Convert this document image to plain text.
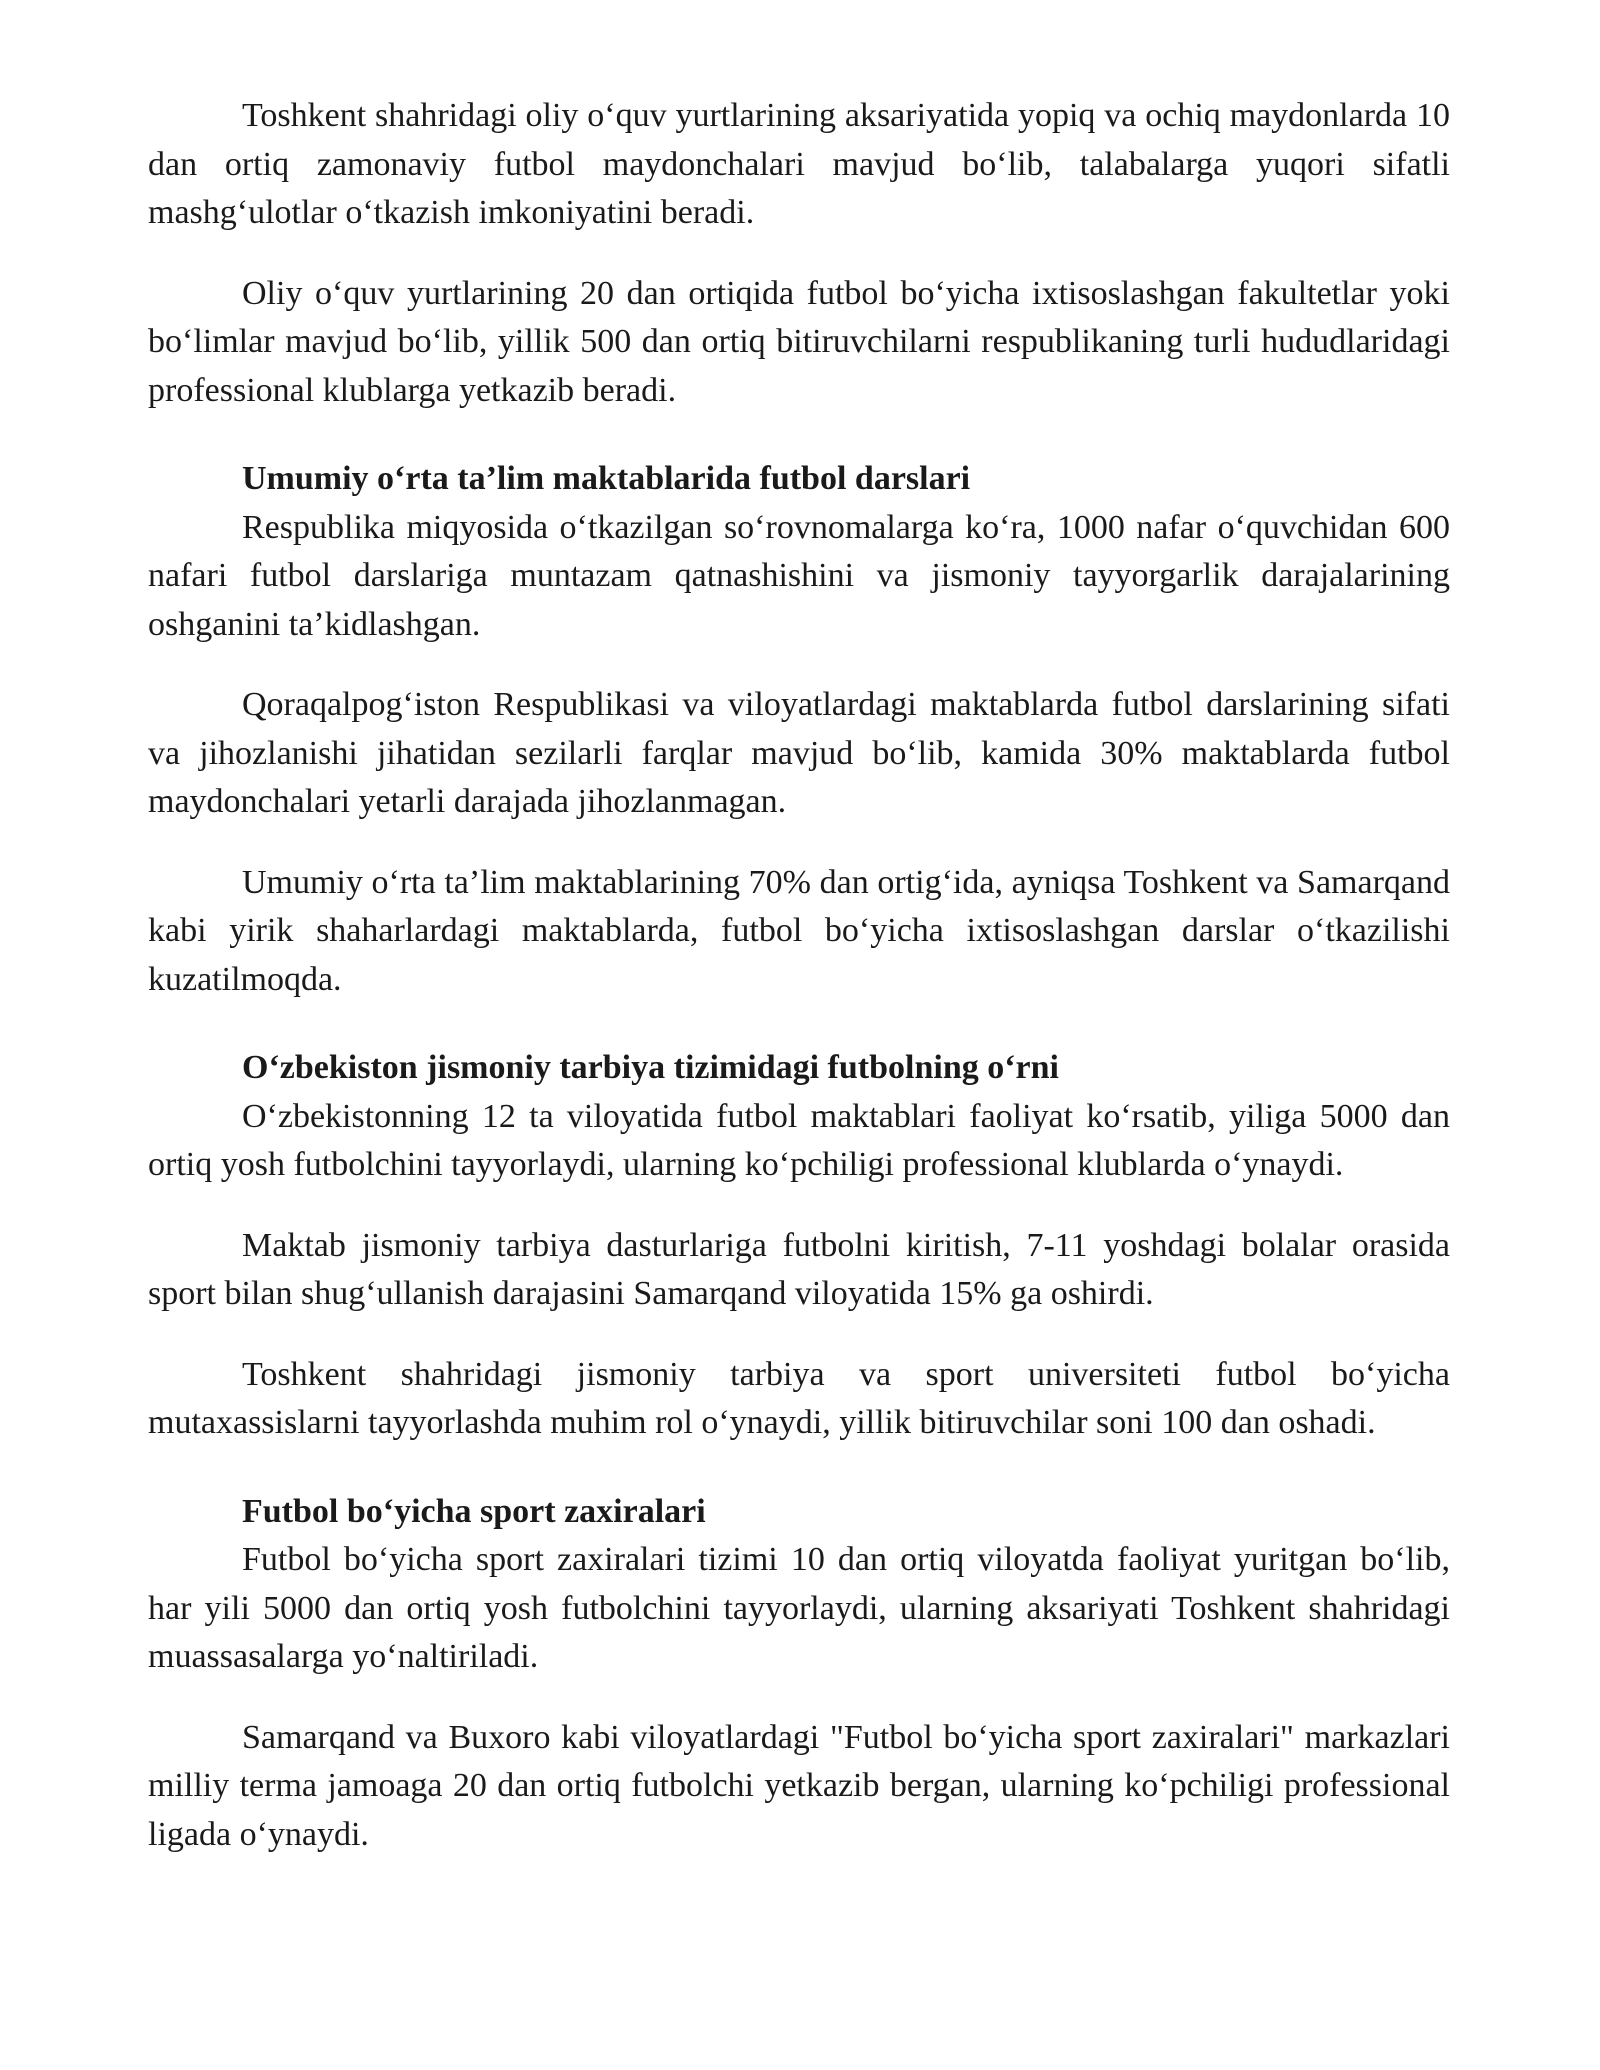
Toshkent shahridagi oliy o‘quv yurtlarining aksariyatida yopiq va ochiq maydonlarda 10 dan ortiq zamonaviy futbol maydonchalari mavjud bo‘lib, talabalarga yuqori sifatli mashg‘ulotlar o‘tkazish imkoniyatini beradi.

Oliy o‘quv yurtlarining 20 dan ortiqida futbol bo‘yicha ixtisoslashgan fakultetlar yoki bo‘limlar mavjud bo‘lib, yillik 500 dan ortiq bitiruvchilarni respublikaning turli hududlaridagi professional klublarga yetkazib beradi.

Umumiy o‘rta ta’lim maktablarida futbol darslari

Respublika miqyosida o‘tkazilgan so‘rovnomalarga ko‘ra, 1000 nafar o‘quvchidan 600 nafari futbol darslariga muntazam qatnashishini va jismoniy tayyorgarlik darajalarining oshganini ta’kidlashgan.

Qoraqalpog‘iston Respublikasi va viloyatlardagi maktablarda futbol darslarining sifati va jihozlanishi jihatidan sezilarli farqlar mavjud bo‘lib, kamida 30% maktablarda futbol maydonchalari yetarli darajada jihozlanmagan.

Umumiy o‘rta ta’lim maktablarining 70% dan ortig‘ida, ayniqsa Toshkent va Samarqand kabi yirik shaharlardagi maktablarda, futbol bo‘yicha ixtisoslashgan darslar o‘tkazilishi kuzatilmoqda.

O‘zbekiston jismoniy tarbiya tizimidagi futbolning o‘rni

O‘zbekistonning 12 ta viloyatida futbol maktablari faoliyat ko‘rsatib, yiliga 5000 dan ortiq yosh futbolchini tayyorlaydi, ularning ko‘pchiligi professional klublarda o‘ynaydi.

Maktab jismoniy tarbiya dasturlariga futbolni kiritish, 7-11 yoshdagi bolalar orasida sport bilan shug‘ullanish darajasini Samarqand viloyatida 15% ga oshirdi.

Toshkent shahridagi jismoniy tarbiya va sport universiteti futbol bo‘yicha mutaxassislarni tayyorlashda muhim rol o‘ynaydi, yillik bitiruvchilar soni 100 dan oshadi.

Futbol bo‘yicha sport zaxiralari

Futbol bo‘yicha sport zaxiralari tizimi 10 dan ortiq viloyatda faoliyat yuritgan bo‘lib, har yili 5000 dan ortiq yosh futbolchini tayyorlaydi, ularning aksariyati Toshkent shahridagi muassasalarga yo‘naltiriladi.

Samarqand va Buxoro kabi viloyatlardagi "Futbol bo‘yicha sport zaxiralari" markazlari milliy terma jamoaga 20 dan ortiq futbolchi yetkazib bergan, ularning ko‘pchiligi professional ligada o‘ynaydi.
